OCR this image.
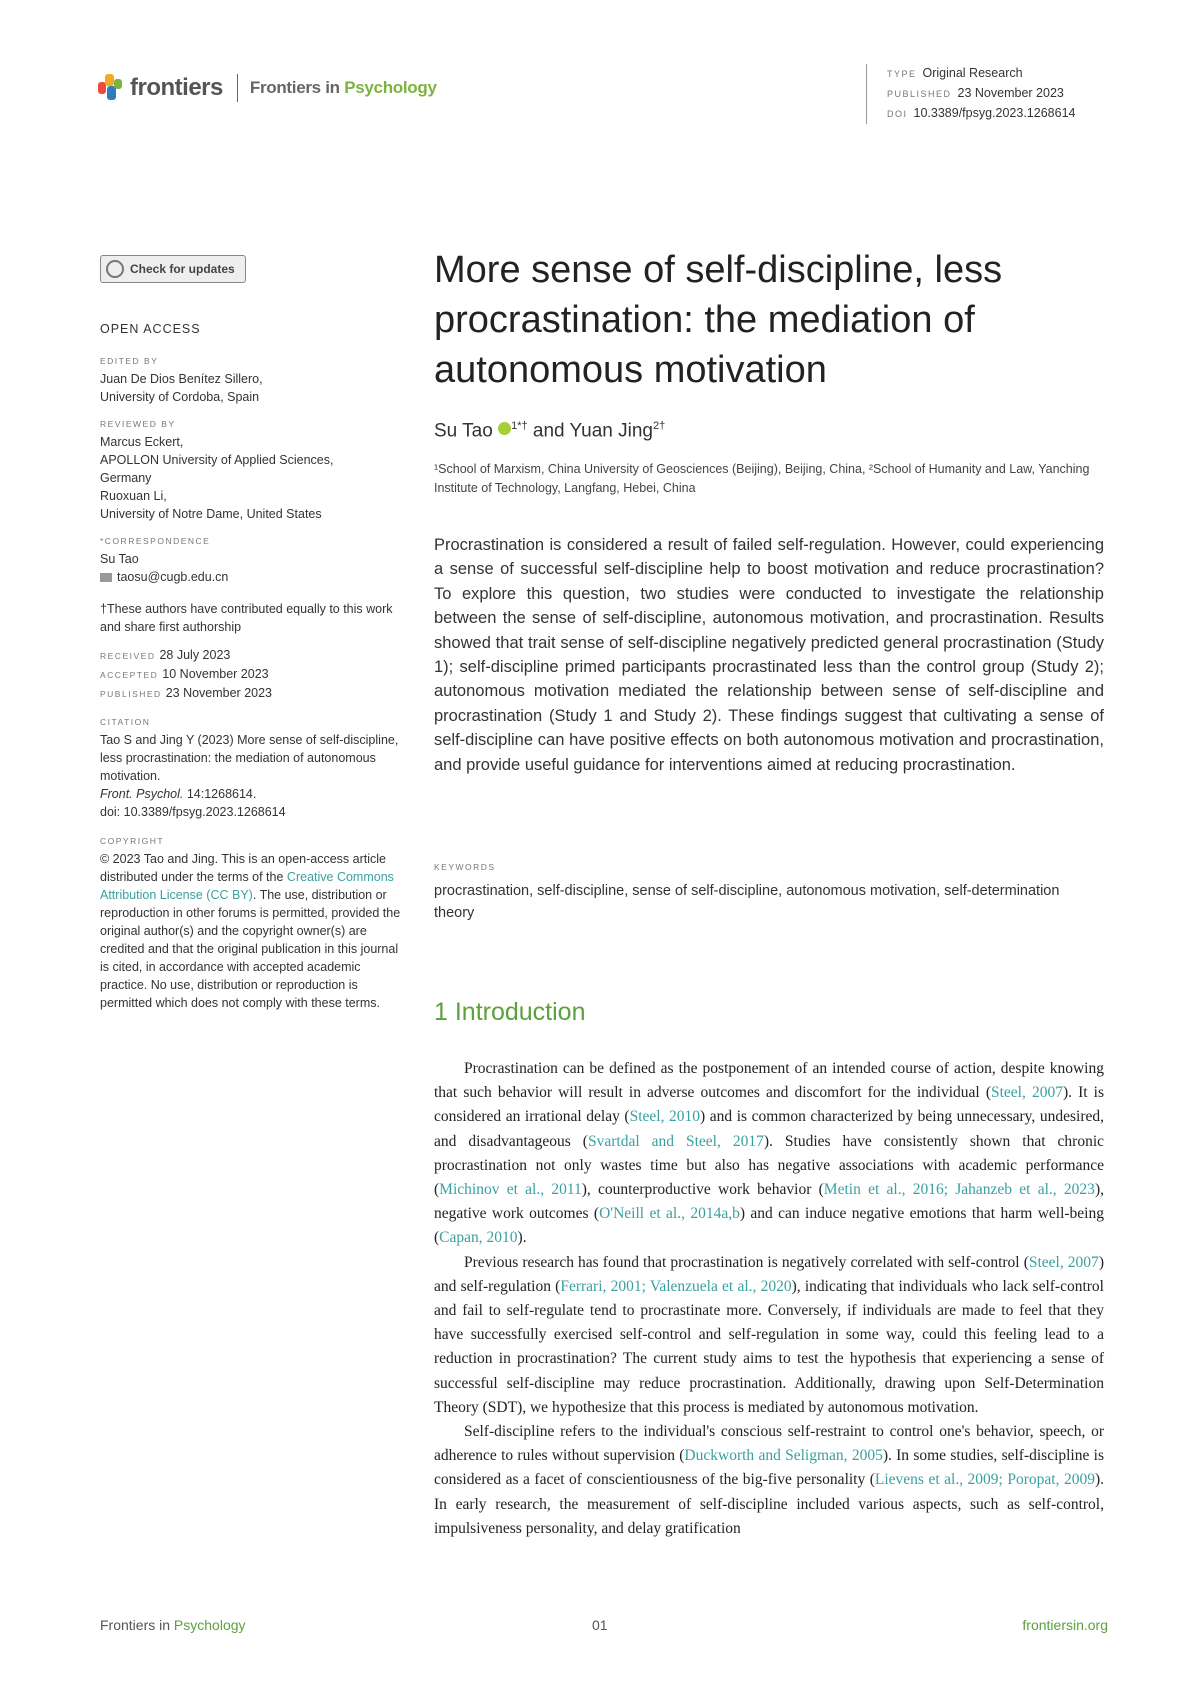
frontiers Frontiers in Psychology
TYPE Original Research
PUBLISHED 23 November 2023
DOI 10.3389/fpsyg.2023.1268614
Check for updates
OPEN ACCESS
EDITED BY
Juan De Dios Benítez Sillero,
University of Cordoba, Spain
REVIEWED BY
Marcus Eckert,
APOLLON University of Applied Sciences,
Germany
Ruoxuan Li,
University of Notre Dame, United States
*CORRESPONDENCE
Su Tao
taosu@cugb.edu.cn
†These authors have contributed equally to this work and share first authorship
RECEIVED 28 July 2023
ACCEPTED 10 November 2023
PUBLISHED 23 November 2023
CITATION
Tao S and Jing Y (2023) More sense of self-discipline, less procrastination: the mediation of autonomous motivation.
Front. Psychol. 14:1268614.
doi: 10.3389/fpsyg.2023.1268614
COPYRIGHT
© 2023 Tao and Jing. This is an open-access article distributed under the terms of the Creative Commons Attribution License (CC BY). The use, distribution or reproduction in other forums is permitted, provided the original author(s) and the copyright owner(s) are credited and that the original publication in this journal is cited, in accordance with accepted academic practice. No use, distribution or reproduction is permitted which does not comply with these terms.
More sense of self-discipline, less procrastination: the mediation of autonomous motivation
Su Tao $^{1*\dagger}$ and Yuan Jing$^{2\dagger}$
¹School of Marxism, China University of Geosciences (Beijing), Beijing, China, ²School of Humanity and Law, Yanching Institute of Technology, Langfang, Hebei, China

Procrastination is considered a result of failed self-regulation. However, could experiencing a sense of successful self-discipline help to boost motivation and reduce procrastination? To explore this question, two studies were conducted to investigate the relationship between the sense of self-discipline, autonomous motivation, and procrastination. Results showed that trait sense of self-discipline negatively predicted general procrastination (Study 1); self-discipline primed participants procrastinated less than the control group (Study 2); autonomous motivation mediated the relationship between sense of self-discipline and procrastination (Study 1 and Study 2). These findings suggest that cultivating a sense of self-discipline can have positive effects on both autonomous motivation and procrastination, and provide useful guidance for interventions aimed at reducing procrastination.

KEYWORDS
procrastination, self-discipline, sense of self-discipline, autonomous motivation, self-determination theory
1 Introduction

Procrastination can be defined as the postponement of an intended course of action, despite knowing that such behavior will result in adverse outcomes and discomfort for the individual (Steel, 2007). It is considered an irrational delay (Steel, 2010) and is common characterized by being unnecessary, undesired, and disadvantageous (Svartdal and Steel, 2017). Studies have consistently shown that chronic procrastination not only wastes time but also has negative associations with academic performance (Michinov et al., 2011), counterproductive work behavior (Metin et al., 2016; Jahanzeb et al., 2023), negative work outcomes (O'Neill et al., 2014a,b) and can induce negative emotions that harm well-being (Capan, 2010).

Previous research has found that procrastination is negatively correlated with self-control (Steel, 2007) and self-regulation (Ferrari, 2001; Valenzuela et al., 2020), indicating that individuals who lack self-control and fail to self-regulate tend to procrastinate more. Conversely, if individuals are made to feel that they have successfully exercised self-control and self-regulation in some way, could this feeling lead to a reduction in procrastination? The current study aims to test the hypothesis that experiencing a sense of successful self-discipline may reduce procrastination. Additionally, drawing upon Self-Determination Theory (SDT), we hypothesize that this process is mediated by autonomous motivation.

Self-discipline refers to the individual's conscious self-restraint to control one's behavior, speech, or adherence to rules without supervision (Duckworth and Seligman, 2005). In some studies, self-discipline is considered as a facet of conscientiousness of the big-five personality (Lievens et al., 2009; Poropat, 2009). In early research, the measurement of self-discipline included various aspects, such as self-control, impulsiveness personality, and delay gratification

Frontiers in Psychology	01	frontiersin.org
